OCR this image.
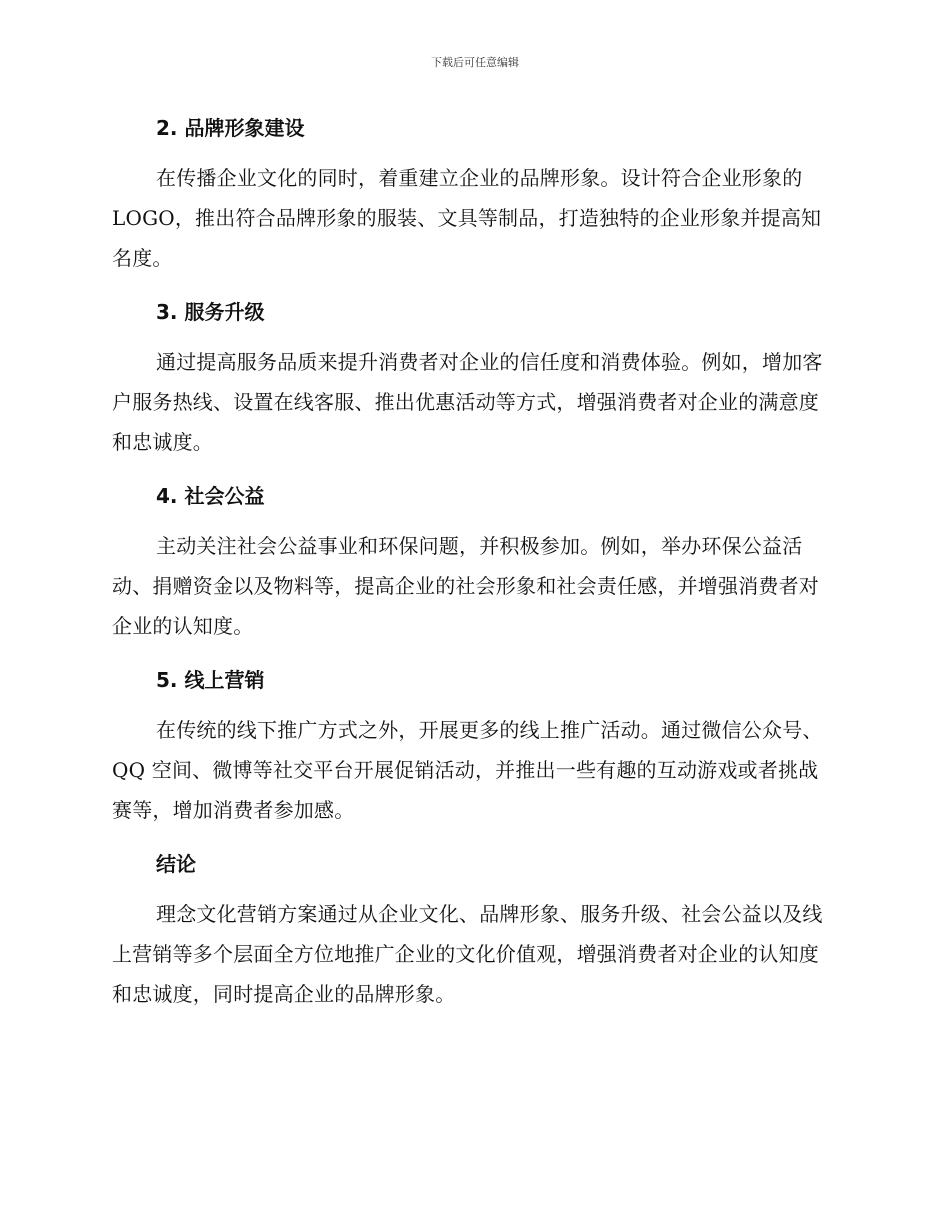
下载后可任意编辑
2. 品牌形象建设

在传播企业文化的同时，着重建立企业的品牌形象。设计符合企业形象的 LOGO，推出符合品牌形象的服装、文具等制品，打造独特的企业形象并提高知名度。

3. 服务升级

通过提高服务品质来提升消费者对企业的信任度和消费体验。例如，增加客户服务热线、设置在线客服、推出优惠活动等方式，增强消费者对企业的满意度和忠诚度。

4. 社会公益

主动关注社会公益事业和环保问题，并积极参加。例如，举办环保公益活动、捐赠资金以及物料等，提高企业的社会形象和社会责任感，并增强消费者对企业的认知度。

5. 线上营销

在传统的线下推广方式之外，开展更多的线上推广活动。通过微信公众号、QQ 空间、微博等社交平台开展促销活动，并推出一些有趣的互动游戏或者挑战赛等，增加消费者参加感。

结论

理念文化营销方案通过从企业文化、品牌形象、服务升级、社会公益以及线上营销等多个层面全方位地推广企业的文化价值观，增强消费者对企业的认知度和忠诚度，同时提高企业的品牌形象。
